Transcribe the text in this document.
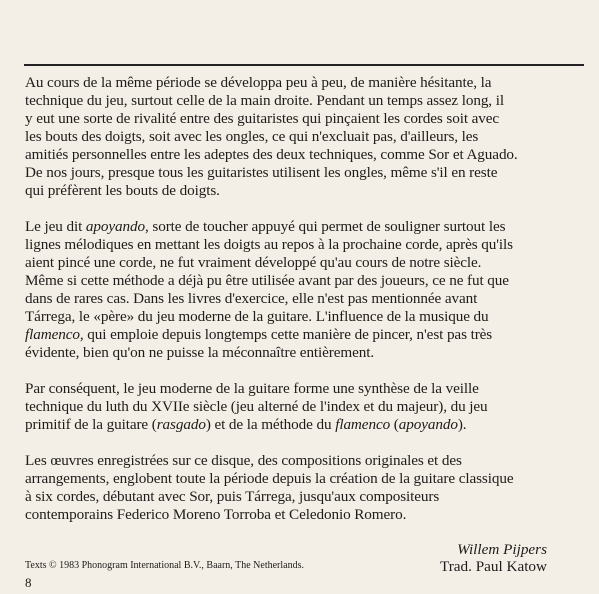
Au cours de la même période se développa peu à peu, de manière hésitante, la
technique du jeu, surtout celle de la main droite. Pendant un temps assez long, il
y eut une sorte de rivalité entre des guitaristes qui pinçaient les cordes soit avec
les bouts des doigts, soit avec les ongles, ce qui n'excluait pas, d'ailleurs, les
amitiés personnelles entre les adeptes des deux techniques, comme Sor et Aguado.
De nos jours, presque tous les guitaristes utilisent les ongles, même s'il en reste
qui préfèrent les bouts de doigts.
Le jeu dit apoyando, sorte de toucher appuyé qui permet de souligner surtout les
lignes mélodiques en mettant les doigts au repos à la prochaine corde, après qu'ils
aient pincé une corde, ne fut vraiment développé qu'au cours de notre siècle.
Même si cette méthode a déjà pu être utilisée avant par des joueurs, ce ne fut que
dans de rares cas. Dans les livres d'exercice, elle n'est pas mentionnée avant
Tárrega, le «père» du jeu moderne de la guitare. L'influence de la musique du
flamenco, qui emploie depuis longtemps cette manière de pincer, n'est pas très
évidente, bien qu'on ne puisse la méconnaître entièrement.
Par conséquent, le jeu moderne de la guitare forme une synthèse de la veille
technique du luth du XVIIe siècle (jeu alterné de l'index et du majeur), du jeu
primitif de la guitare (rasgado) et de la méthode du flamenco (apoyando).
Les œuvres enregistrées sur ce disque, des compositions originales et des
arrangements, englobent toute la période depuis la création de la guitare classique
à six cordes, débutant avec Sor, puis Tárrega, jusqu'aux compositeurs
contemporains Federico Moreno Torroba et Celedonio Romero.
Willem Pijpers
Trad. Paul Katow
Texts © 1983 Phonogram International B.V., Baarn, The Netherlands.
8
